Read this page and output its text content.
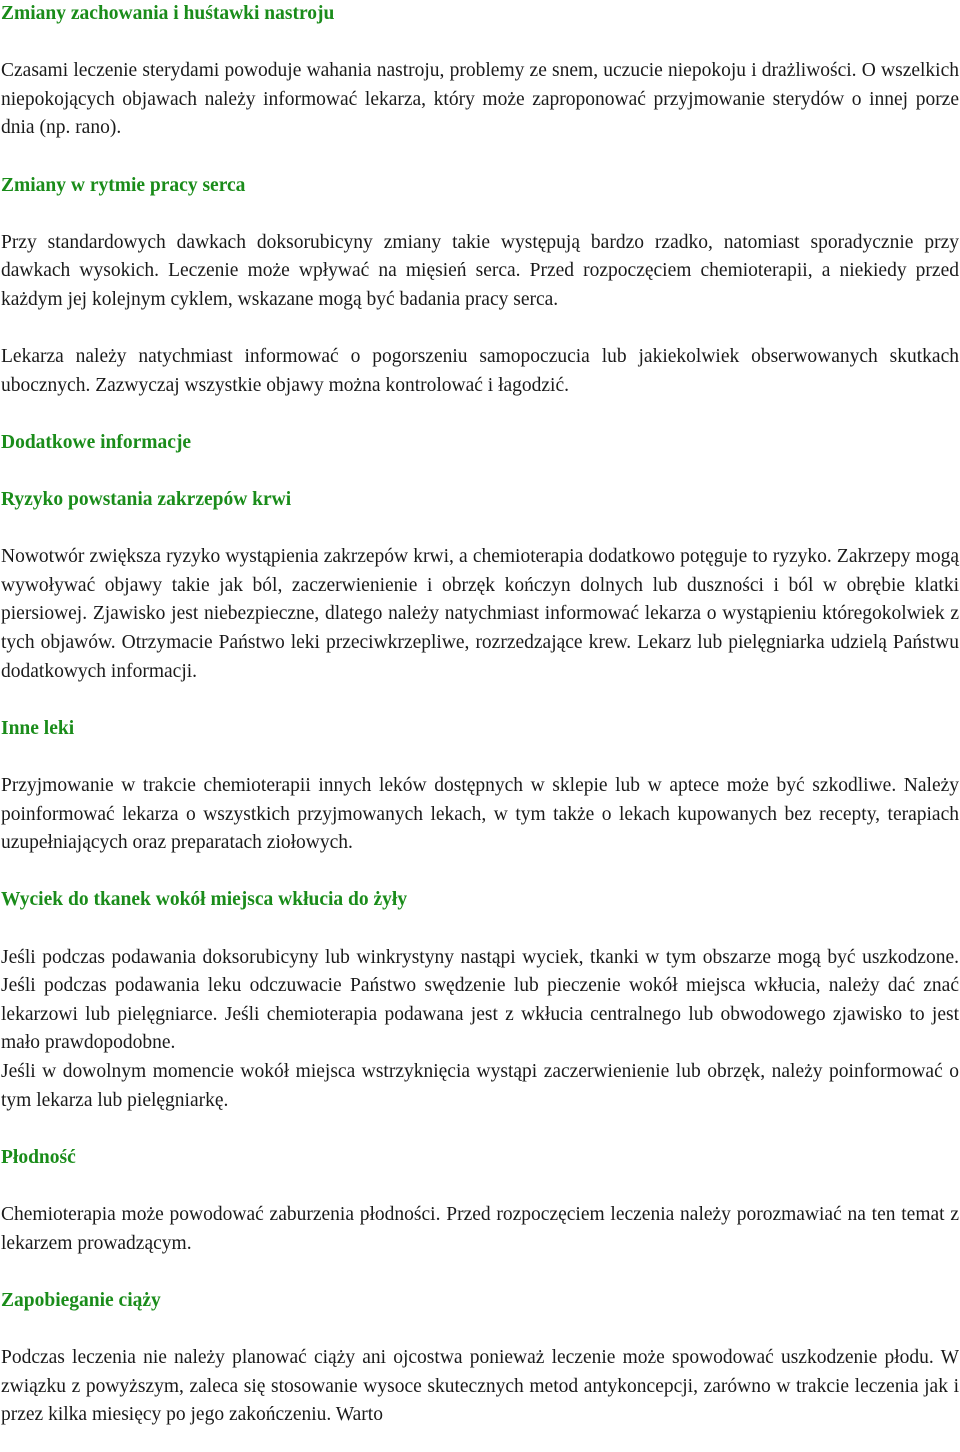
Zmiany zachowania i huśtawki nastroju

Czasami leczenie sterydami powoduje wahania nastroju, problemy ze snem, uczucie niepokoju i drażliwości. O wszelkich niepokojących objawach należy informować lekarza, który może zaproponować przyjmowanie sterydów o innej porze dnia (np. rano).

Zmiany w rytmie pracy serca

Przy standardowych dawkach doksorubicyny zmiany takie występują bardzo rzadko, natomiast sporadycznie przy dawkach wysokich. Leczenie może wpływać na mięsień serca. Przed rozpoczęciem chemioterapii, a niekiedy przed każdym jej kolejnym cyklem, wskazane mogą być badania pracy serca.

Lekarza należy natychmiast informować o pogorszeniu samopoczucia lub jakiekolwiek obserwowanych skutkach ubocznych. Zazwyczaj wszystkie objawy można kontrolować i łagodzić.

Dodatkowe informacje
Ryzyko powstania zakrzepów krwi

Nowotwór zwiększa ryzyko wystąpienia zakrzepów krwi, a chemioterapia dodatkowo potęguje to ryzyko. Zakrzepy mogą wywoływać objawy takie jak ból, zaczerwienienie i obrzęk kończyn dolnych lub duszności i ból w obrębie klatki piersiowej. Zjawisko jest niebezpieczne, dlatego należy natychmiast informować lekarza o wystąpieniu któregokolwiek z tych objawów. Otrzymacie Państwo leki przeciwkrzepliwe, rozrzedzające krew. Lekarz lub pielęgniarka udzielą Państwu dodatkowych informacji.

Inne leki

Przyjmowanie w trakcie chemioterapii innych leków dostępnych w sklepie lub w aptece może być szkodliwe. Należy poinformować lekarza o wszystkich przyjmowanych lekach, w tym także o lekach kupowanych bez recepty, terapiach uzupełniających oraz preparatach ziołowych.

Wyciek do tkanek wokół miejsca wkłucia do żyły

Jeśli podczas podawania doksorubicyny lub winkrystyny nastąpi wyciek, tkanki w tym obszarze mogą być uszkodzone. Jeśli podczas podawania leku odczuwacie Państwo swędzenie lub pieczenie wokół miejsca wkłucia, należy dać znać lekarzowi lub pielęgniarce. Jeśli chemioterapia podawana jest z wkłucia centralnego lub obwodowego zjawisko to jest mało prawdopodobne.

Jeśli w dowolnym momencie wokół miejsca wstrzyknięcia wystąpi zaczerwienienie lub obrzęk, należy poinformować o tym lekarza lub pielęgniarkę.

Płodność

Chemioterapia może powodować zaburzenia płodności. Przed rozpoczęciem leczenia należy porozmawiać na ten temat z lekarzem prowadzącym.

Zapobieganie ciąży

Podczas leczenia nie należy planować ciąży ani ojcostwa ponieważ leczenie może spowodować uszkodzenie płodu. W związku z powyższym, zaleca się stosowanie wysoce skutecznych metod antykoncepcji, zarówno w trakcie leczenia jak i przez kilka miesięcy po jego zakończeniu. Warto
